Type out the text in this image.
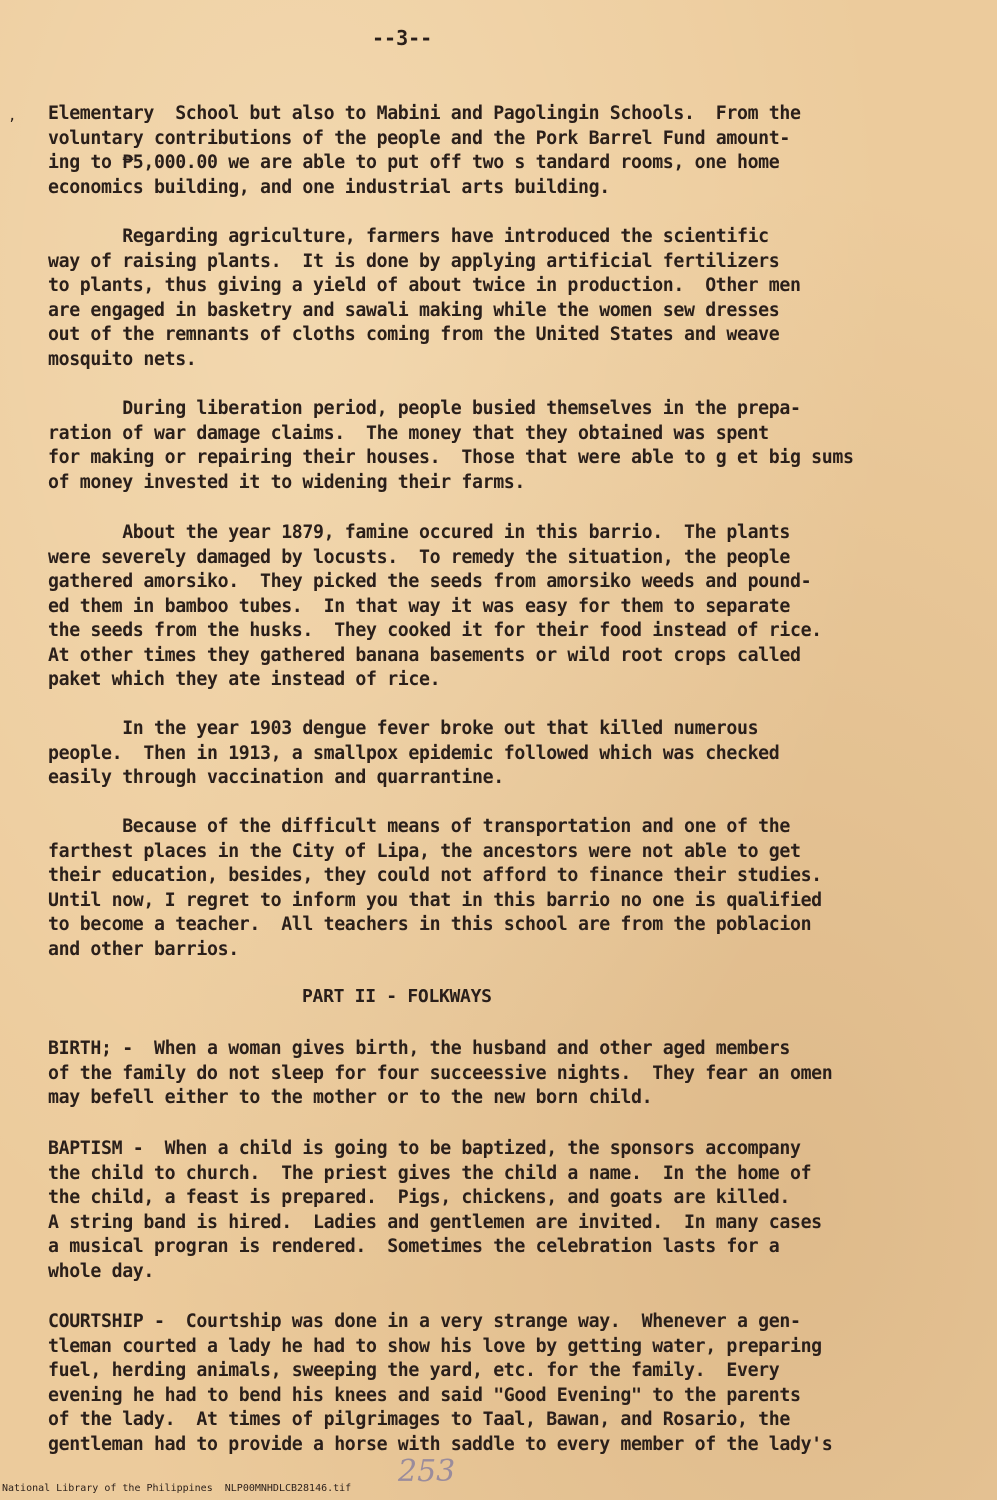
--3--
, Elementary  School but also to Mabini and Pagolingin Schools.  From the
voluntary contributions of the people and the Pork Barrel Fund amount-
ing to ₱5,000.00 we are able to put off two s tandard rooms, one home
economics building, and one industrial arts building.

Regarding agriculture, farmers have introduced the scientific
way of raising plants.  It is done by applying artificial fertilizers
to plants, thus giving a yield of about twice in production.  Other men
are engaged in basketry and sawali making while the women sew dresses
out of the remnants of cloths coming from the United States and weave
mosquito nets.

During liberation period, people busied themselves in the prepa-
ration of war damage claims.  The money that they obtained was spent
for making or repairing their houses.  Those that were able to g et big sums
of money invested it to widening their farms.

About the year 1879, famine occured in this barrio.  The plants
were severely damaged by locusts.  To remedy the situation, the people
gathered amorsiko.  They picked the seeds from amorsiko weeds and pound-
ed them in bamboo tubes.  In that way it was easy for them to separate
the seeds from the husks.  They cooked it for their food instead of rice.
At other times they gathered banana basements or wild root crops called
paket which they ate instead of rice.

In the year 1903 dengue fever broke out that killed numerous
people.  Then in 1913, a smallpox epidemic followed which was checked
easily through vaccination and quarrantine.

Because of the difficult means of transportation and one of the
farthest places in the City of Lipa, the ancestors were not able to get
their education, besides, they could not afford to finance their studies.
Until now, I regret to inform you that in this barrio no one is qualified
to become a teacher.  All teachers in this school are from the poblacion
and other barrios.

PART II - FOLKWAYS

BIRTH; -  When a woman gives birth, the husband and other aged members
of the family do not sleep for four succeessive nights.  They fear an omen
may befell either to the mother or to the new born child.

BAPTISM -  When a child is going to be baptized, the sponsors accompany
the child to church.  The priest gives the child a name.  In the home of
the child, a feast is prepared.  Pigs, chickens, and goats are killed.
A string band is hired.  Ladies and gentlemen are invited.  In many cases
a musical progran is rendered.  Sometimes the celebration lasts for a
whole day.

COURTSHIP -  Courtship was done in a very strange way.  Whenever a gen-
tleman courted a lady he had to show his love by getting water, preparing
fuel, herding animals, sweeping the yard, etc. for the family.  Every
evening he had to bend his knees and said "Good Evening" to the parents
of the lady.  At times of pilgrimages to Taal, Bawan, and Rosario, the
gentleman had to provide a horse with saddle to every member of the lady's

253
National Library of the Philippines  NLP00MNHDLCB28146.tif
